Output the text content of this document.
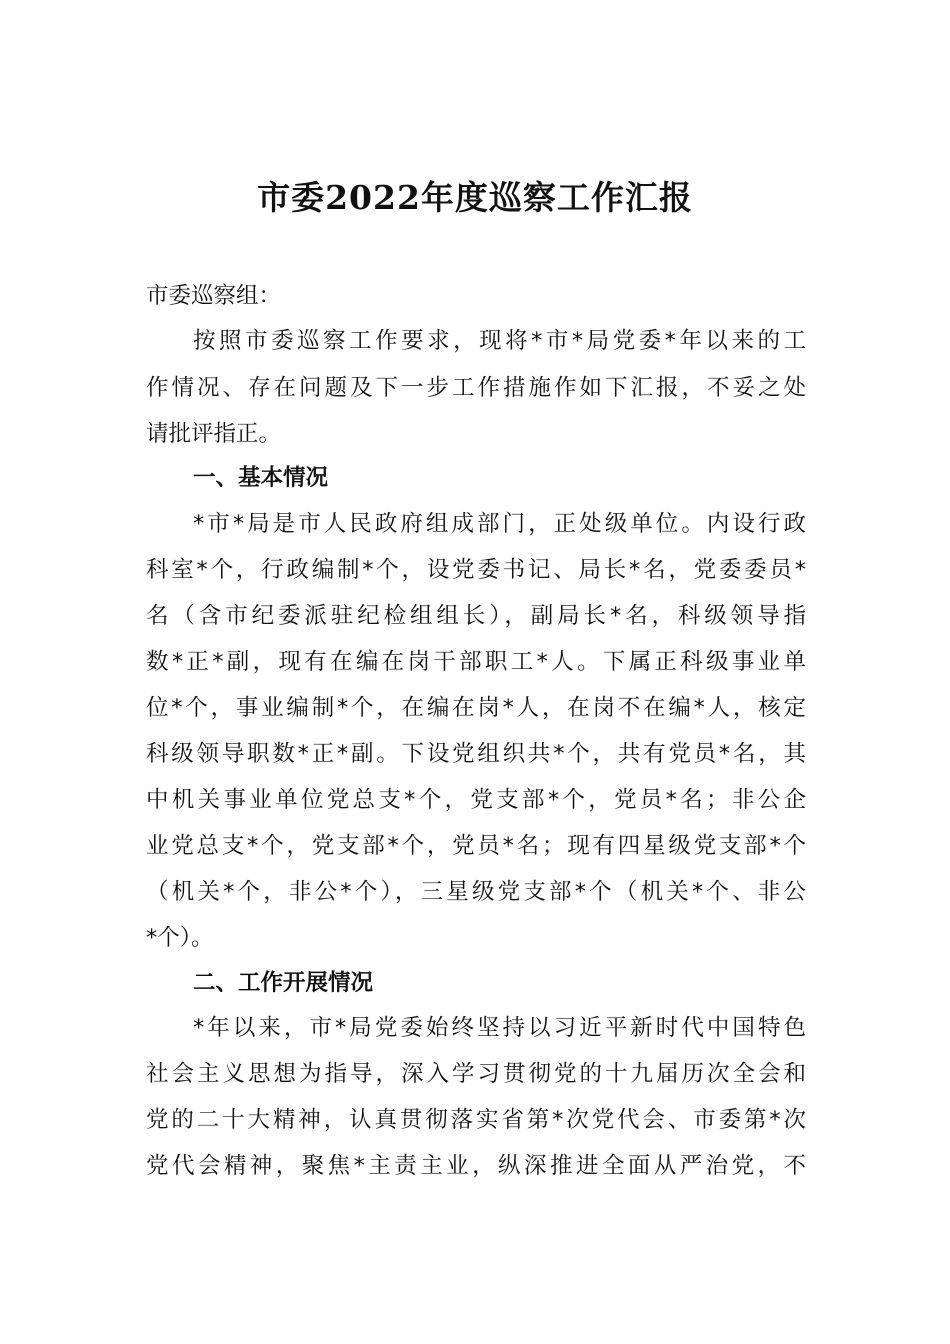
市委2022年度巡察工作汇报
市委巡察组：
按照市委巡察工作要求，现将*市*局党委*年以来的工
作情况、存在问题及下一步工作措施作如下汇报，不妥之处
请批评指正。
一、基本情况
*市*局是市人民政府组成部门，正处级单位。内设行政
科室*个，行政编制*个，设党委书记、局长*名，党委委员*
名（含市纪委派驻纪检组组长），副局长*名，科级领导指
数*正*副，现有在编在岗干部职工*人。下属正科级事业单
位*个，事业编制*个，在编在岗*人，在岗不在编*人，核定
科级领导职数*正*副。下设党组织共*个，共有党员*名，其
中机关事业单位党总支*个，党支部*个，党员*名；非公企
业党总支*个，党支部*个，党员*名；现有四星级党支部*个
（机关*个，非公*个），三星级党支部*个（机关*个、非公
*个）。
二、工作开展情况
*年以来，市*局党委始终坚持以习近平新时代中国特色
社会主义思想为指导，深入学习贯彻党的十九届历次全会和
党的二十大精神，认真贯彻落实省第*次党代会、市委第*次
党代会精神，聚焦*主责主业，纵深推进全面从严治党，不
